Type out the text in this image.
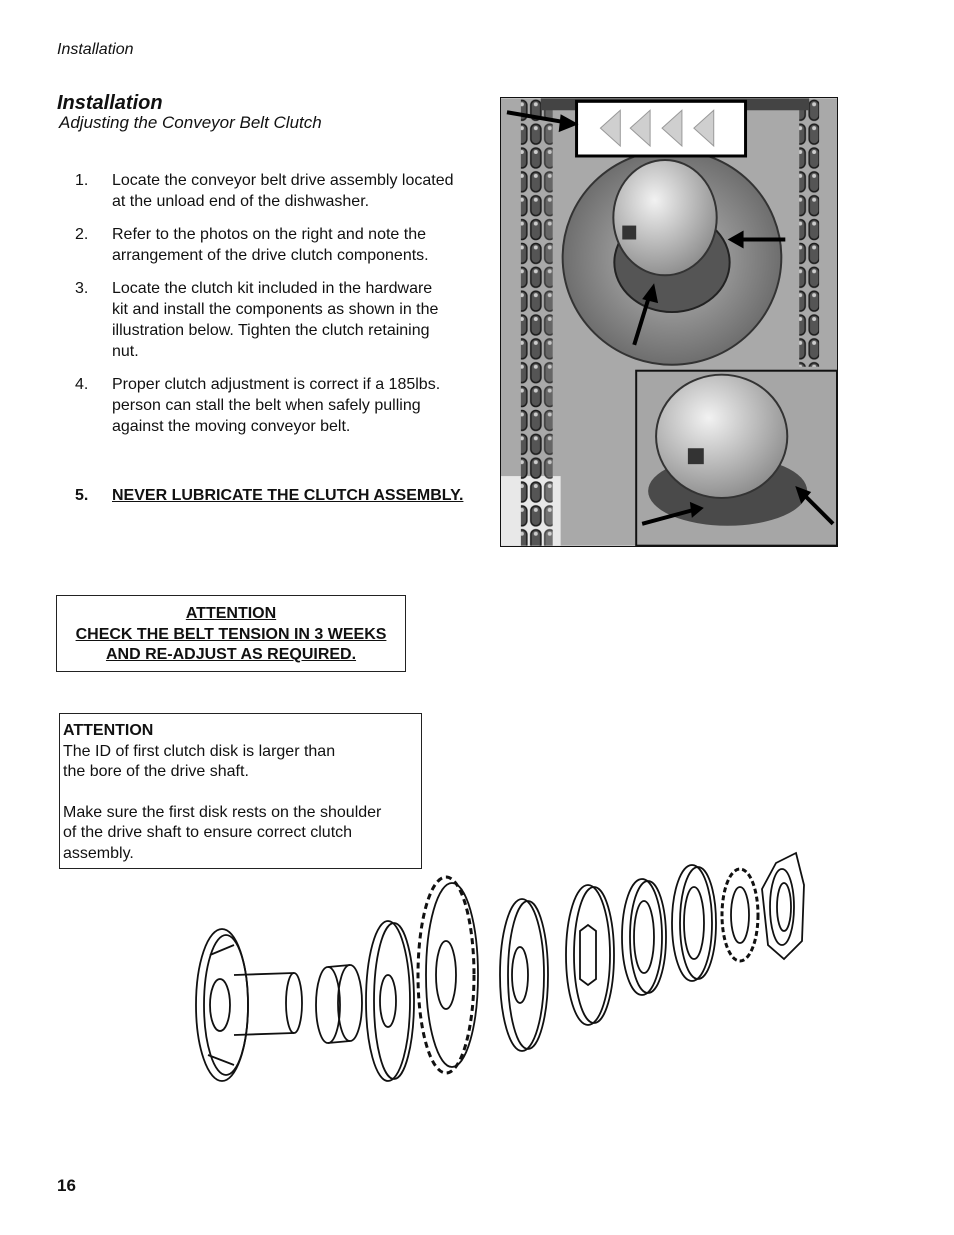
Installation
Installation
Adjusting the Conveyor Belt Clutch
1.	Locate the conveyor belt drive assembly located
at the unload end of the dishwasher.
2.	Refer to the photos on the right and note the
arrangement of the drive clutch components.
3.	Locate the clutch kit included in the hardware
kit and install the components as shown in the
illustration below. Tighten the clutch retaining
nut.
4.	Proper clutch adjustment is correct if a 185lbs.
person can stall the belt when safely pulling
against the moving conveyor belt.
5.	NEVER LUBRICATE THE CLUTCH ASSEMBLY.
ATTENTION
CHECK THE BELT TENSION IN 3 WEEKS
AND RE-ADJUST AS REQUIRED.

ATTENTION

The ID of first clutch disk is larger than

the bore of the drive shaft.

Make sure the first disk rests on the shoulder

of the drive shaft to ensure correct clutch

assembly.

16
